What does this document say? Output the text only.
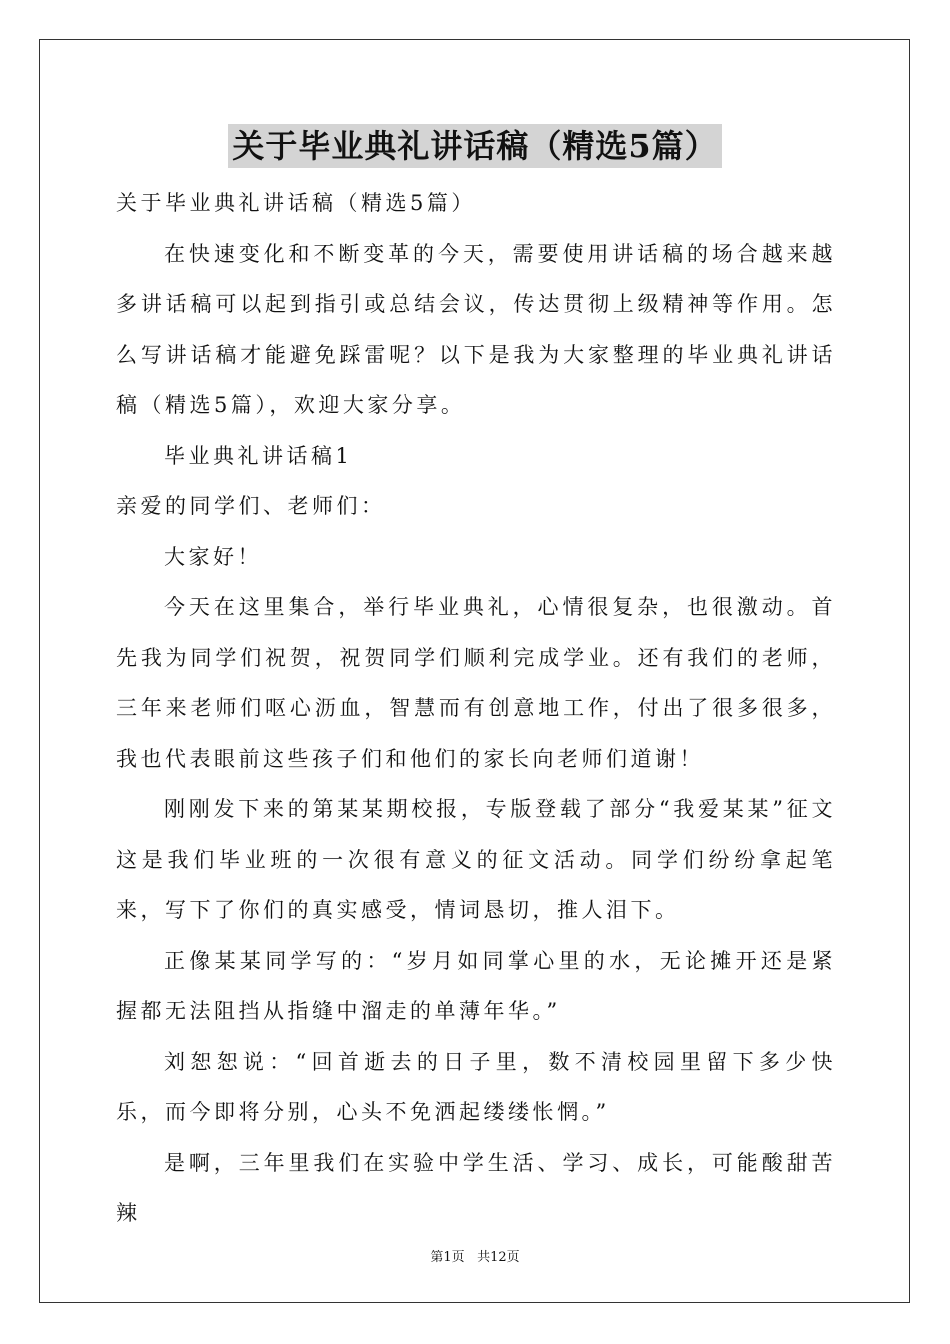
关于毕业典礼讲话稿（精选5篇）

关于毕业典礼讲话稿（精选5篇）

在快速变化和不断变革的今天，需要使用讲话稿的场合越来越多讲话稿可以起到指引或总结会议，传达贯彻上级精神等作用。怎么写讲话稿才能避免踩雷呢？以下是我为大家整理的毕业典礼讲话稿（精选5篇），欢迎大家分享。

毕业典礼讲话稿1

亲爱的同学们、老师们：

大家好！

今天在这里集合，举行毕业典礼，心情很复杂，也很激动。首先我为同学们祝贺，祝贺同学们顺利完成学业。还有我们的老师，三年来老师们呕心沥血，智慧而有创意地工作，付出了很多很多，我也代表眼前这些孩子们和他们的家长向老师们道谢！

刚刚发下来的第某某期校报，专版登载了部分“我爱某某”征文这是我们毕业班的一次很有意义的征文活动。同学们纷纷拿起笔来，写下了你们的真实感受，情词恳切，推人泪下。

正像某某同学写的：“岁月如同掌心里的水，无论摊开还是紧握都无法阻挡从指缝中溜走的单薄年华。”

刘恕恕说：“回首逝去的日子里，数不清校园里留下多少快乐，而今即将分别，心头不免洒起缕缕怅惘。”

是啊，三年里我们在实验中学生活、学习、成长，可能酸甜苦辣

第1页 共12页
